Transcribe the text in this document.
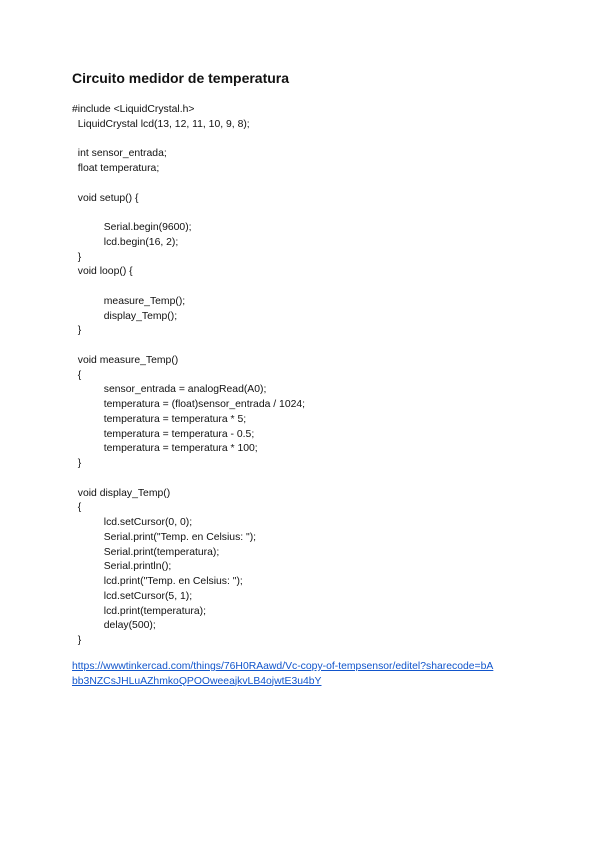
Circuito medidor de temperatura
#include <LiquidCrystal.h>
LiquidCrystal lcd(13, 12, 11, 10, 9, 8);
int sensor_entrada;
float temperatura;
void setup() {
Serial.begin(9600);
lcd.begin(16, 2);
}
void loop() {
measure_Temp();
display_Temp();
}
void measure_Temp()
{
sensor_entrada = analogRead(A0);
temperatura = (float)sensor_entrada / 1024;
temperatura = temperatura * 5;
temperatura = temperatura - 0.5;
temperatura = temperatura * 100;
}
void display_Temp()
{
lcd.setCursor(0, 0);
Serial.print("Temp. en Celsius: ");
Serial.print(temperatura);
Serial.println();
lcd.print("Temp. en Celsius: ");
lcd.setCursor(5, 1);
lcd.print(temperatura);
delay(500);
}
https://wwwtinkercad.com/things/76H0RAawd/Vc-copy-of-tempsensor/editel?sharecode=bA
bb3NZCsJHLuAZhmkoQPOOweeajkvLB4ojwtE3u4bY
